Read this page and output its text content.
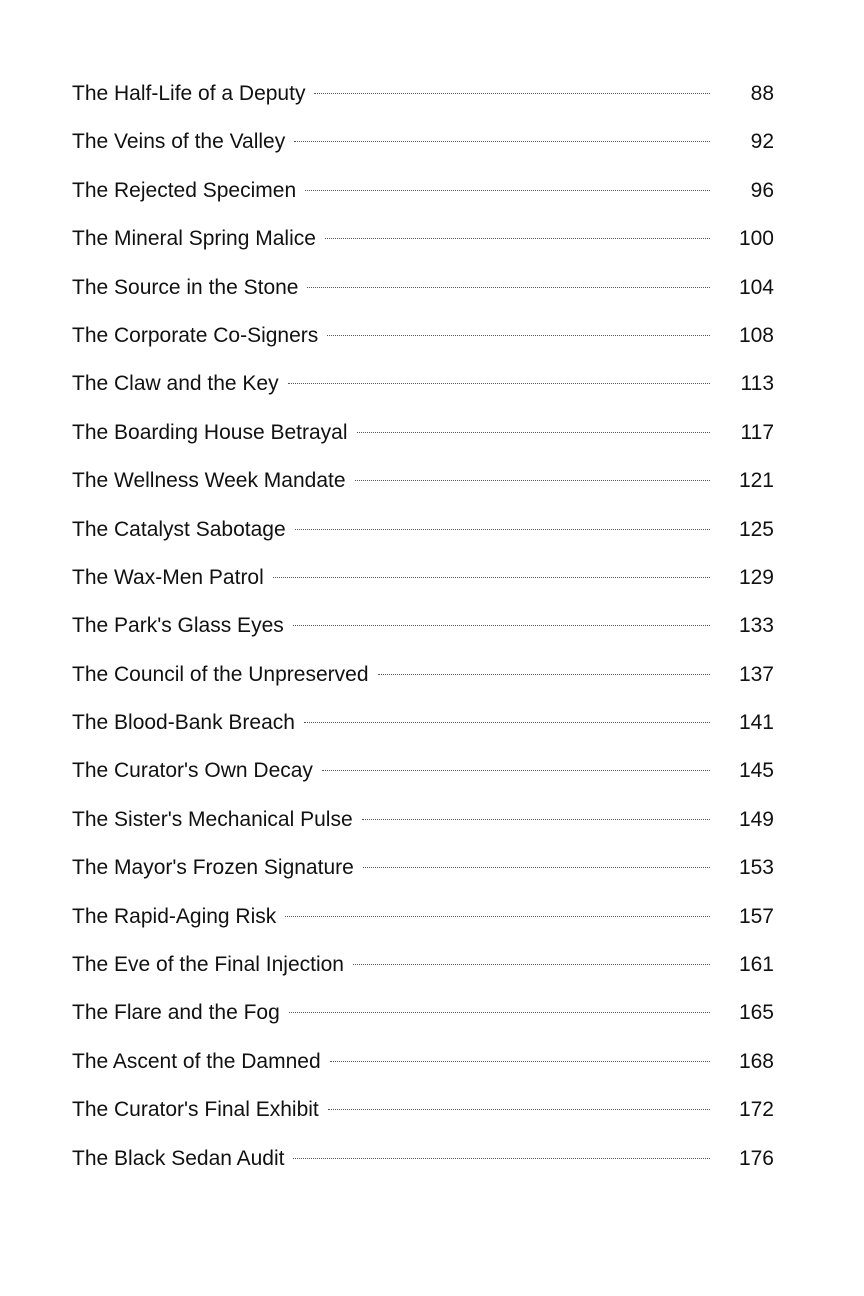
The Half-Life of a Deputy	88
The Veins of the Valley	92
The Rejected Specimen	96
The Mineral Spring Malice	100
The Source in the Stone	104
The Corporate Co-Signers	108
The Claw and the Key	113
The Boarding House Betrayal	117
The Wellness Week Mandate	121
The Catalyst Sabotage	125
The Wax-Men Patrol	129
The Park's Glass Eyes	133
The Council of the Unpreserved	137
The Blood-Bank Breach	141
The Curator's Own Decay	145
The Sister's Mechanical Pulse	149
The Mayor's Frozen Signature	153
The Rapid-Aging Risk	157
The Eve of the Final Injection	161
The Flare and the Fog	165
The Ascent of the Damned	168
The Curator's Final Exhibit	172
The Black Sedan Audit	176
